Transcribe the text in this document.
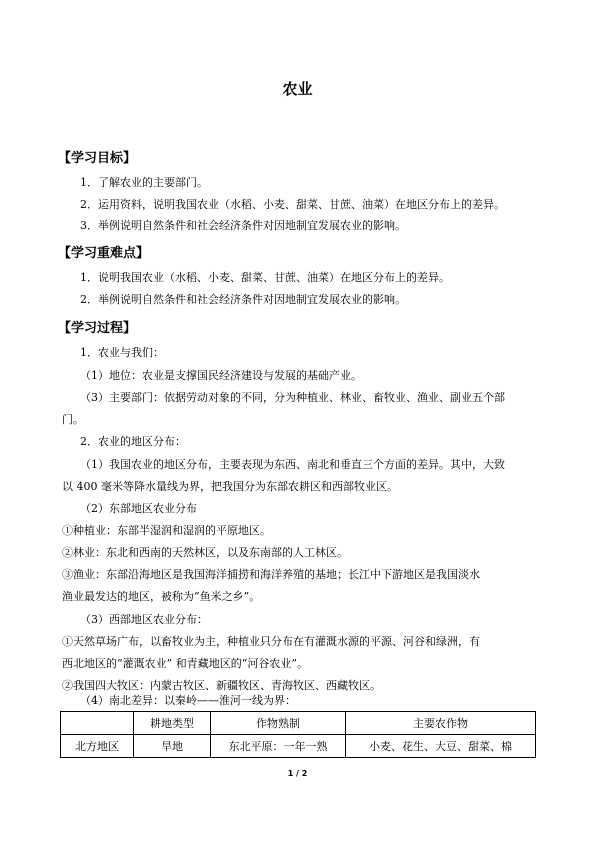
农业
【学习目标】
1．了解农业的主要部门。
2．运用资料，说明我国农业（水稻、小麦、甜菜、甘蔗、油菜）在地区分布上的差异。
3．举例说明自然条件和社会经济条件对因地制宜发展农业的影响。
【学习重难点】
1．说明我国农业（水稻、小麦、甜菜、甘蔗、油菜）在地区分布上的差异。
2．举例说明自然条件和社会经济条件对因地制宜发展农业的影响。
【学习过程】
1．农业与我们：
（1）地位：农业是支撑国民经济建设与发展的基础产业。
（3）主要部门：依据劳动对象的不同，分为种植业、林业、畜牧业、渔业、副业五个部
门。
2．农业的地区分布：
（1）我国农业的地区分布，主要表现为东西、南北和垂直三个方面的差异。其中，大致
以 400 毫米等降水量线为界，把我国分为东部农耕区和西部牧业区。
（2）东部地区农业分布
①种植业：东部半湿润和湿润的平原地区。
②林业：东北和西南的天然林区，以及东南部的人工林区。
③渔业：东部沿海地区是我国海洋捕捞和海洋养殖的基地；长江中下游地区是我国淡水
渔业最发达的地区，被称为“鱼米之乡”。
（3）西部地区农业分布：
①天然草场广布，以畜牧业为主，种植业只分布在有灌溉水源的平源、河谷和绿洲，有
西北地区的“灌溉农业” 和青藏地区的“河谷农业”。
②我国四大牧区：内蒙古牧区、新疆牧区、青海牧区、西藏牧区。
（4）南北差异：以秦岭——淮河一线为界：
	耕地类型	作物熟制	主要农作物
北方地区	旱地	东北平原：一年一熟	小麦、花生、大豆、甜菜、棉
1 / 2
